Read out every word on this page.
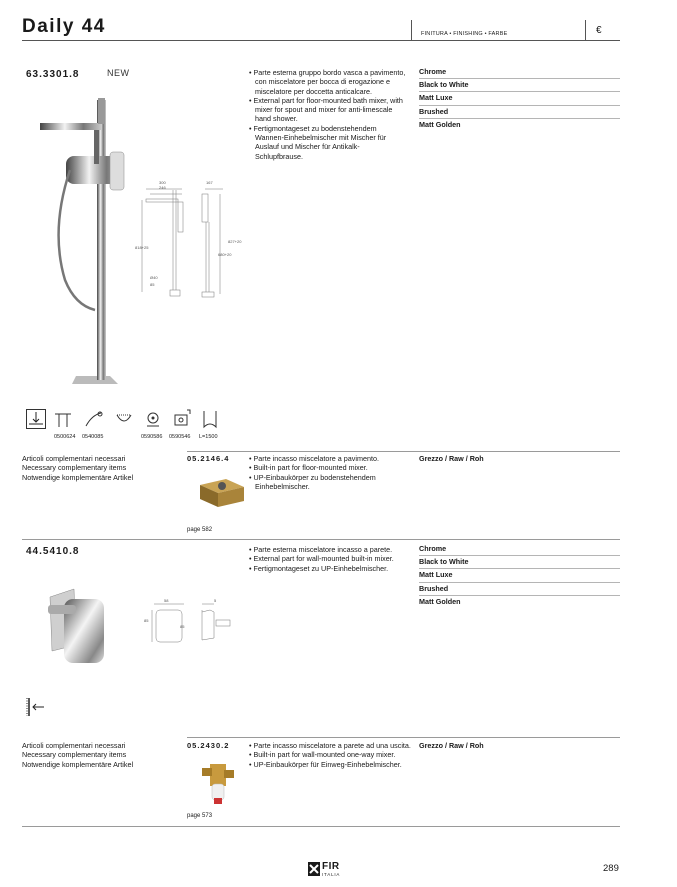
Daily 44	FINITURA • FINISHING • FARBE	€
63.3301.8	NEW
300
246
167
818+25
827+20
680+20
Ø40
85
• Parte esterna gruppo bordo vasca a pavimento, con miscelatore per bocca di erogazione e miscelatore per doccetta anticalcare.
• External part for floor-mounted bath mixer, with mixer for spout and mixer for anti-limescale hand shower.
• Fertigmontageset zu bodenstehendem Wannen-Einhebelmischer mit Mischer für Auslauf und Mischer für Antikalk-Schlupfbrause.
Chrome
Black to White
Matt Luxe
Brushed
Matt Golden
0500624 0540085	0590586 0590546 L=1500
Articoli complementari necessari
Necessary complementary items
Notwendige komplementäre Artikel
05.2146.4	• Parte incasso miscelatore a pavimento.
• Built-in part for floor-mounted mixer.
• UP-Einbaukörper zu bodenstehendem Einhebelmischer.
Grezzo / Raw / Roh
page 582
44.5410.8
58	5
85
85
• Parte esterna miscelatore incasso a parete.
• External part for wall-mounted built-in mixer.
• Fertigmontageset zu UP-Einhebelmischer.
Chrome
Black to White
Matt Luxe
Brushed
Matt Golden
Articoli complementari necessari
Necessary complementary items
Notwendige komplementäre Artikel
05.2430.2	• Parte incasso miscelatore a parete ad una uscita.
• Built-in part for wall-mounted one-way mixer.
• UP-Einbaukörper für Einweg-Einhebelmischer.
Grezzo / Raw / Roh
page 573
FIR
ITALIA
289
